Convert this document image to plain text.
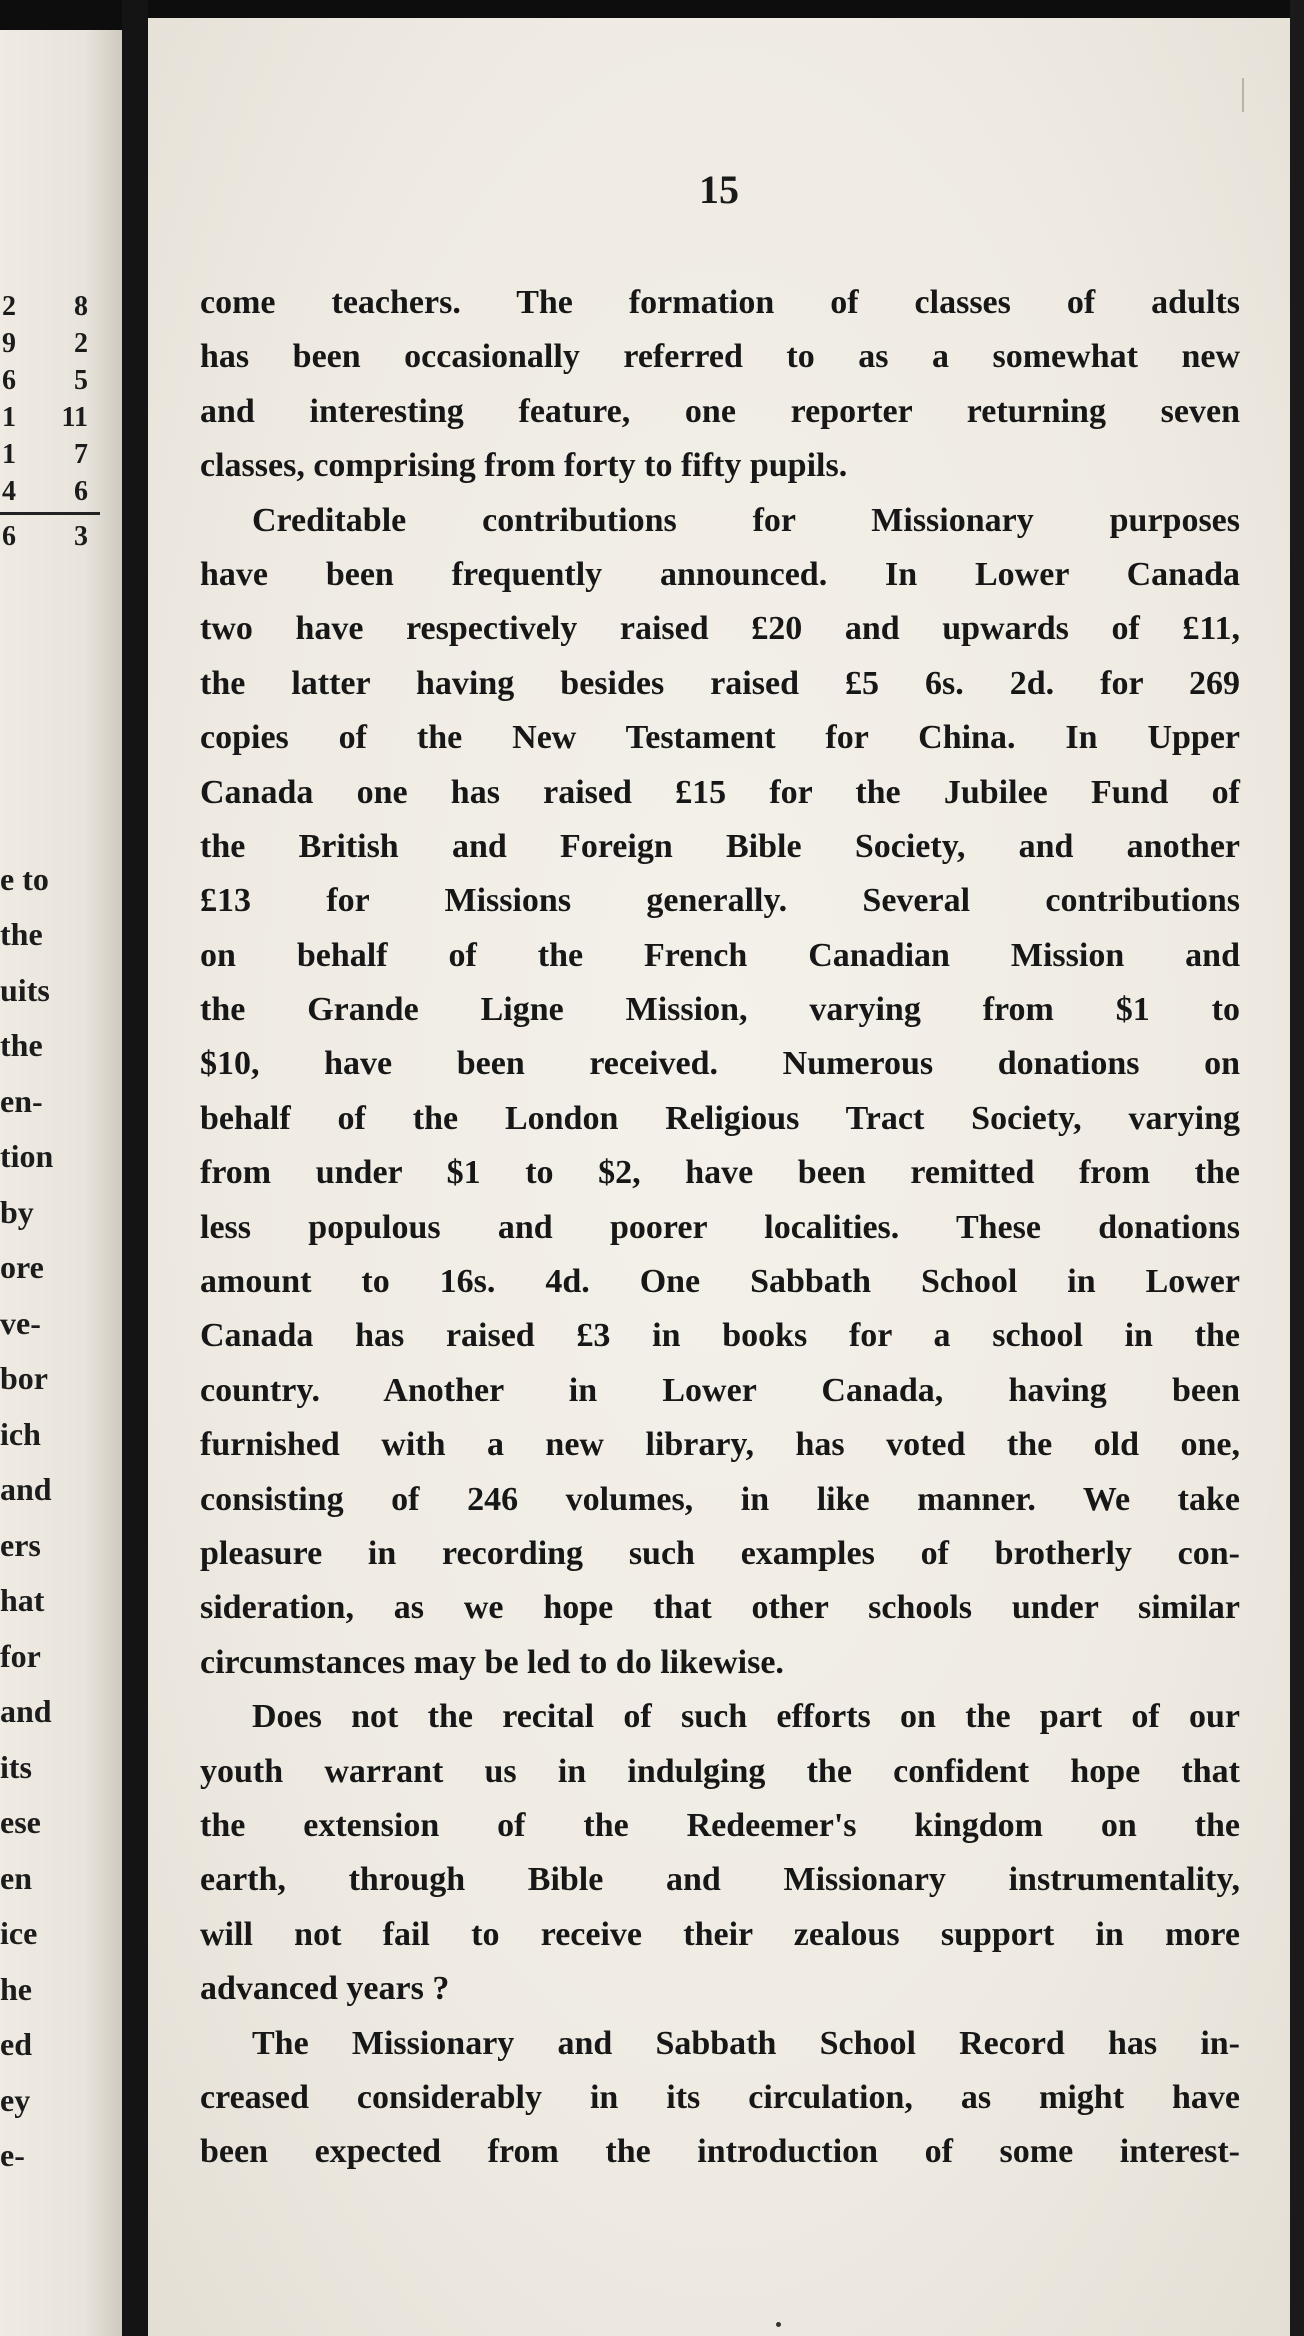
2 8
9 2
6 5
1 11
1 7
4 6
6 3
e to
the
uits
the
en-
tion
by
ore
ve-
bor
ich
and
ers
hat
for
and
its
ese
en
ice
he
ed
ey
e-
15
come teachers. The formation of classes of adults
has been occasionally referred to as a somewhat new
and interesting feature, one reporter returning seven
classes, comprising from forty to fifty pupils.
Creditable contributions for Missionary purposes
have been frequently announced. In Lower Canada
two have respectively raised £20 and upwards of £11,
the latter having besides raised £5 6s. 2d. for 269
copies of the New Testament for China. In Upper
Canada one has raised £15 for the Jubilee Fund of
the British and Foreign Bible Society, and another
£13 for Missions generally. Several contributions
on behalf of the French Canadian Mission and
the Grande Ligne Mission, varying from $1 to
$10, have been received. Numerous donations on
behalf of the London Religious Tract Society, varying
from under $1 to $2, have been remitted from the
less populous and poorer localities. These donations
amount to 16s. 4d. One Sabbath School in Lower
Canada has raised £3 in books for a school in the
country. Another in Lower Canada, having been
furnished with a new library, has voted the old one,
consisting of 246 volumes, in like manner. We take
pleasure in recording such examples of brotherly con-
sideration, as we hope that other schools under similar
circumstances may be led to do likewise.
Does not the recital of such efforts on the part of our
youth warrant us in indulging the confident hope that
the extension of the Redeemer's kingdom on the
earth, through Bible and Missionary instrumentality,
will not fail to receive their zealous support in more
advanced years ?
The Missionary and Sabbath School Record has in-
creased considerably in its circulation, as might have
been expected from the introduction of some interest-
